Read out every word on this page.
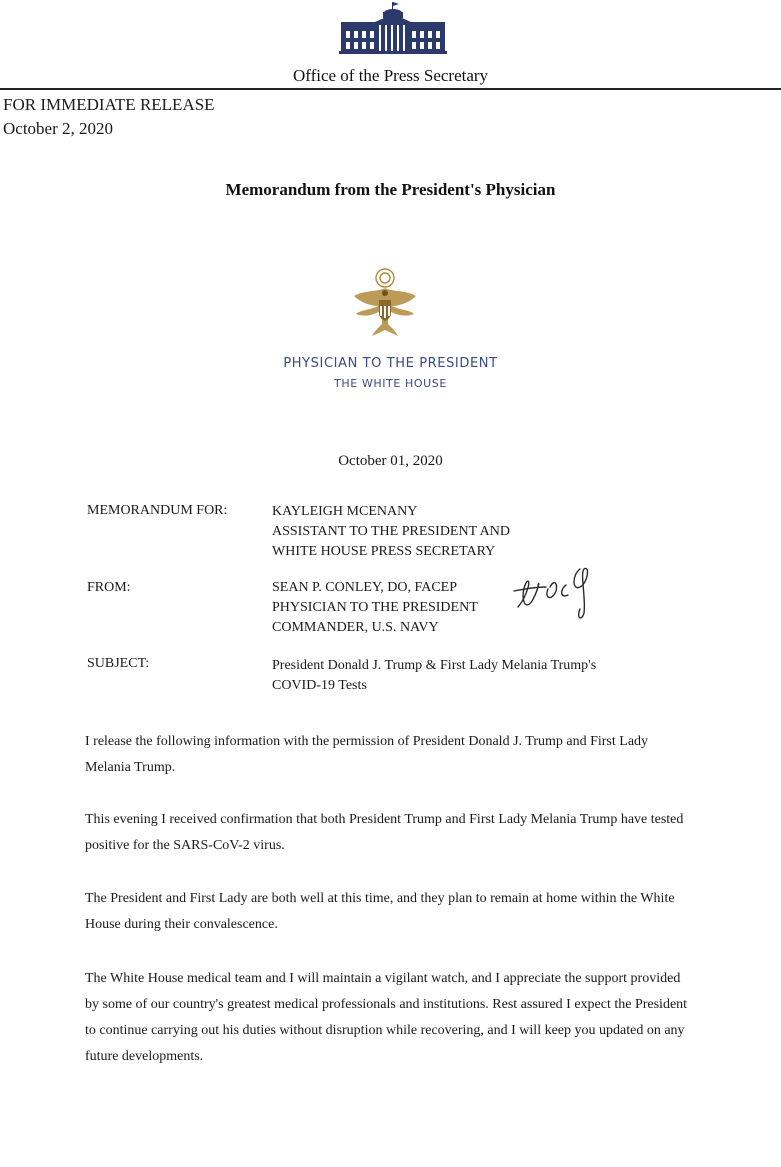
Office of the Press Secretary
FOR IMMEDIATE RELEASE
October 2, 2020
Memorandum from the President's Physician
PHYSICIAN TO THE PRESIDENT
THE WHITE HOUSE
October 01, 2020
MEMORANDUM FOR:	KAYLEIGH MCENANY
ASSISTANT TO THE PRESIDENT AND
WHITE HOUSE PRESS SECRETARY
FROM:	SEAN P. CONLEY, DO, FACEP
PHYSICIAN TO THE PRESIDENT
COMMANDER, U.S. NAVY
SUBJECT:	President Donald J. Trump & First Lady Melania Trump's
COVID-19 Tests
I release the following information with the permission of President Donald J. Trump and First Lady Melania Trump.
This evening I received confirmation that both President Trump and First Lady Melania Trump have tested positive for the SARS-CoV-2 virus.
The President and First Lady are both well at this time, and they plan to remain at home within the White House during their convalescence.
The White House medical team and I will maintain a vigilant watch, and I appreciate the support provided by some of our country's greatest medical professionals and institutions. Rest assured I expect the President to continue carrying out his duties without disruption while recovering, and I will keep you updated on any future developments.
